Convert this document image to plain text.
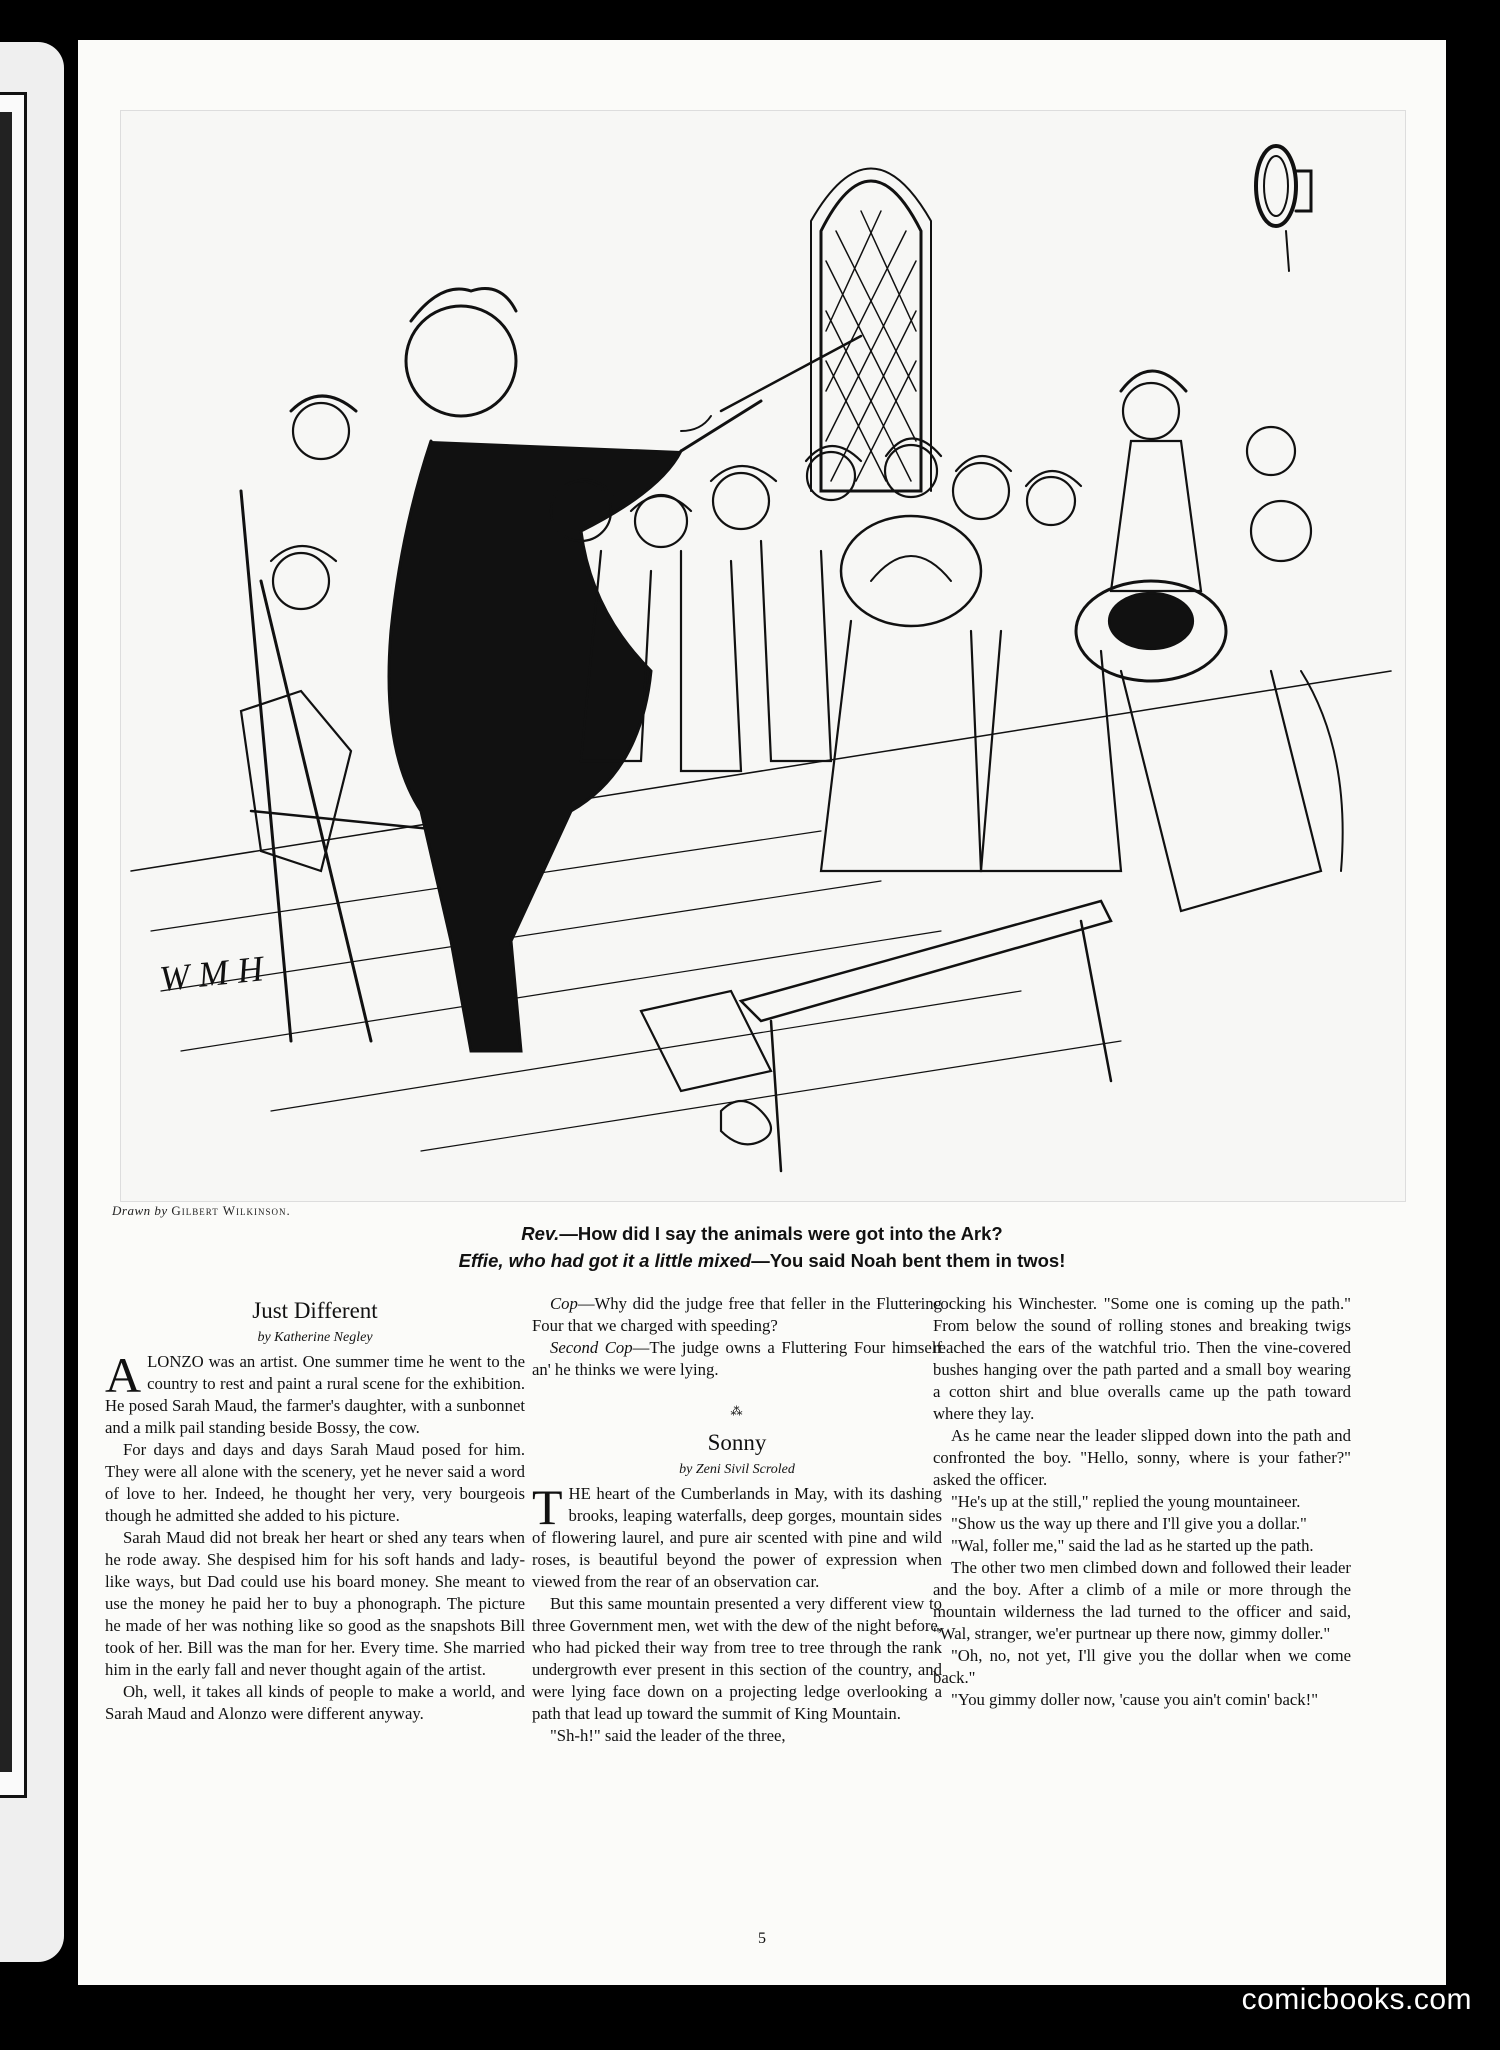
W M H
Drawn by Gilbert Wilkinson.
Rev.—How did I say the animals were got into the Ark?
Effie, who had got it a little mixed—You said Noah bent them in twos!
Just Different
by Katherine Negley

ALONZO was an artist. One summer time he went to the country to rest and paint a rural scene for the exhibition. He posed Sarah Maud, the farmer's daughter, with a sunbonnet and a milk pail standing beside Bossy, the cow.

For days and days and days Sarah Maud posed for him. They were all alone with the scenery, yet he never said a word of love to her. Indeed, he thought her very, very bourgeois though he admitted she added to his picture.

Sarah Maud did not break her heart or shed any tears when he rode away. She despised him for his soft hands and lady-like ways, but Dad could use his board money. She meant to use the money he paid her to buy a phonograph. The picture he made of her was nothing like so good as the snapshots Bill took of her. Bill was the man for her. Every time. She married him in the early fall and never thought again of the artist.

Oh, well, it takes all kinds of people to make a world, and Sarah Maud and Alonzo were different anyway.

Cop—Why did the judge free that feller in the Fluttering Four that we charged with speeding?

Second Cop—The judge owns a Fluttering Four himself an' he thinks we were lying.

⁂
Sonny
by Zeni Sivil Scroled

THE heart of the Cumberlands in May, with its dashing brooks, leaping waterfalls, deep gorges, mountain sides of flowering laurel, and pure air scented with pine and wild roses, is beautiful beyond the power of expression when viewed from the rear of an observation car.

But this same mountain presented a very different view to three Government men, wet with the dew of the night before, who had picked their way from tree to tree through the rank undergrowth ever present in this section of the country, and were lying face down on a projecting ledge overlooking a path that lead up toward the summit of King Mountain.

"Sh-h!" said the leader of the three,

cocking his Winchester. "Some one is coming up the path." From below the sound of rolling stones and breaking twigs reached the ears of the watchful trio. Then the vine-covered bushes hanging over the path parted and a small boy wearing a cotton shirt and blue overalls came up the path toward where they lay.

As he came near the leader slipped down into the path and confronted the boy. "Hello, sonny, where is your father?" asked the officer.

"He's up at the still," replied the young mountaineer.

"Show us the way up there and I'll give you a dollar."

"Wal, foller me," said the lad as he started up the path.

The other two men climbed down and followed their leader and the boy. After a climb of a mile or more through the mountain wilderness the lad turned to the officer and said, "Wal, stranger, we'er purtnear up there now, gimmy doller."

"Oh, no, not yet, I'll give you the dollar when we come back."

"You gimmy doller now, 'cause you ain't comin' back!"

5
comicbooks.com
